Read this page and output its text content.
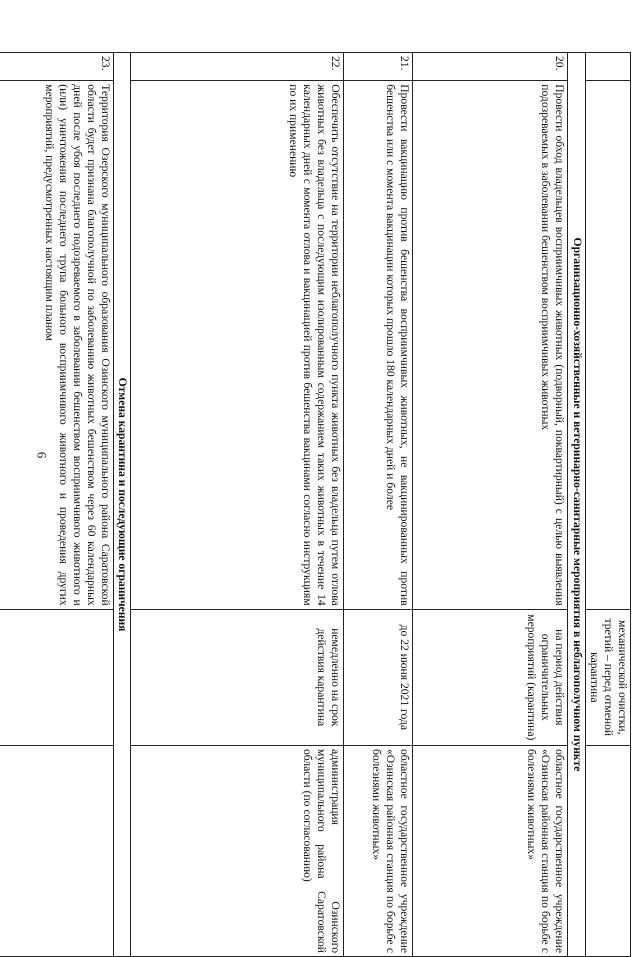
6
		механической очистки, третий – перед отменой карантина	
Организационно-хозяйственные и ветеринарно-санитарные мероприятия в неблагополучном пункте			
20.	Провести обход владельцев восприимчивых животных (подворный, поквартирный) с целью выявления подозреваемых в заболевании бешенством восприимчивых животных	на период действия ограничительных мероприятий (карантина)	областное государственное учреждение «Озинская районная станция по борьбе с болезнями животных»
21.	Провести вакцинацию против бешенства восприимчивых животных, не вакцинированных против бешенства или с момента вакцинации которых прошло 180 календарных дней и более	до 22 июня 2021 года	областное государственное учреждение «Озинская районная станция по борьбе с болезнями животных»
22.	Обеспечить отсутствие на территории неблагополучного пункта животных без владельца путем отлова животных без владельца с последующим изолированным содержанием таких животных в течение 14 календарных дней с момента отлова и вакцинацией против бешенства вакцинами согласно инструкциям по их применению	немедленно на срок действия карантина	администрация Озинского муниципального района Саратовской области (по согласованию)
Отмена карантина и последующие ограничения			
23.	Территория Озерского муниципального образования Озинского муниципального района Саратовской области будет признана благополучной по заболеванию животных бешенством через 60 календарных дней после убоя последнего подозреваемого в заболевании бешенством восприимчивого животного и (или) уничтожения последнего трупа больного восприимчивого животного и проведения других мероприятий, предусмотренных настоящим планом		
